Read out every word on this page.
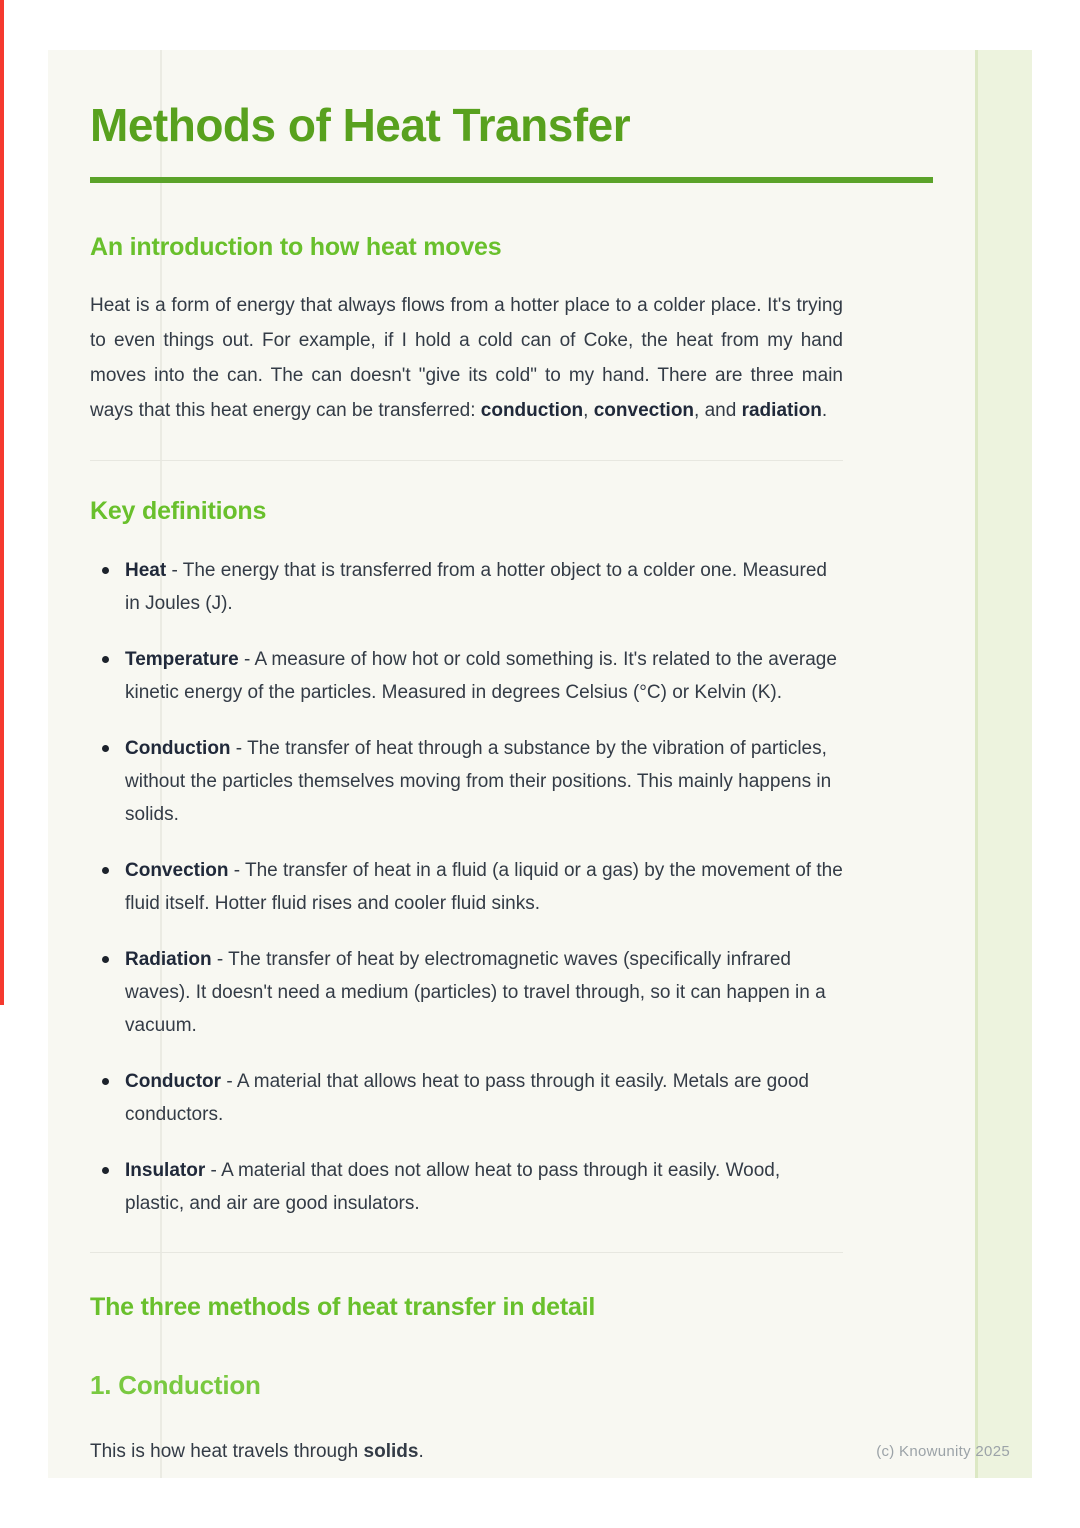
Methods of Heat Transfer
An introduction to how heat moves

Heat is a form of energy that always flows from a hotter place to a colder place. It's trying to even things out. For example, if I hold a cold can of Coke, the heat from my hand moves into the can. The can doesn't "give its cold" to my hand. There are three main ways that this heat energy can be transferred: conduction, convection, and radiation.

Key definitions
Heat - The energy that is transferred from a hotter object to a colder one. Measured in Joules (J).
Temperature - A measure of how hot or cold something is. It's related to the average kinetic energy of the particles. Measured in degrees Celsius (°C) or Kelvin (K).
Conduction - The transfer of heat through a substance by the vibration of particles, without the particles themselves moving from their positions. This mainly happens in solids.
Convection - The transfer of heat in a fluid (a liquid or a gas) by the movement of the fluid itself. Hotter fluid rises and cooler fluid sinks.
Radiation - The transfer of heat by electromagnetic waves (specifically infrared waves). It doesn't need a medium (particles) to travel through, so it can happen in a vacuum.
Conductor - A material that allows heat to pass through it easily. Metals are good conductors.
Insulator - A material that does not allow heat to pass through it easily. Wood, plastic, and air are good insulators.
The three methods of heat transfer in detail
1. Conduction

This is how heat travels through solids.	(c) Knowunity 2025
